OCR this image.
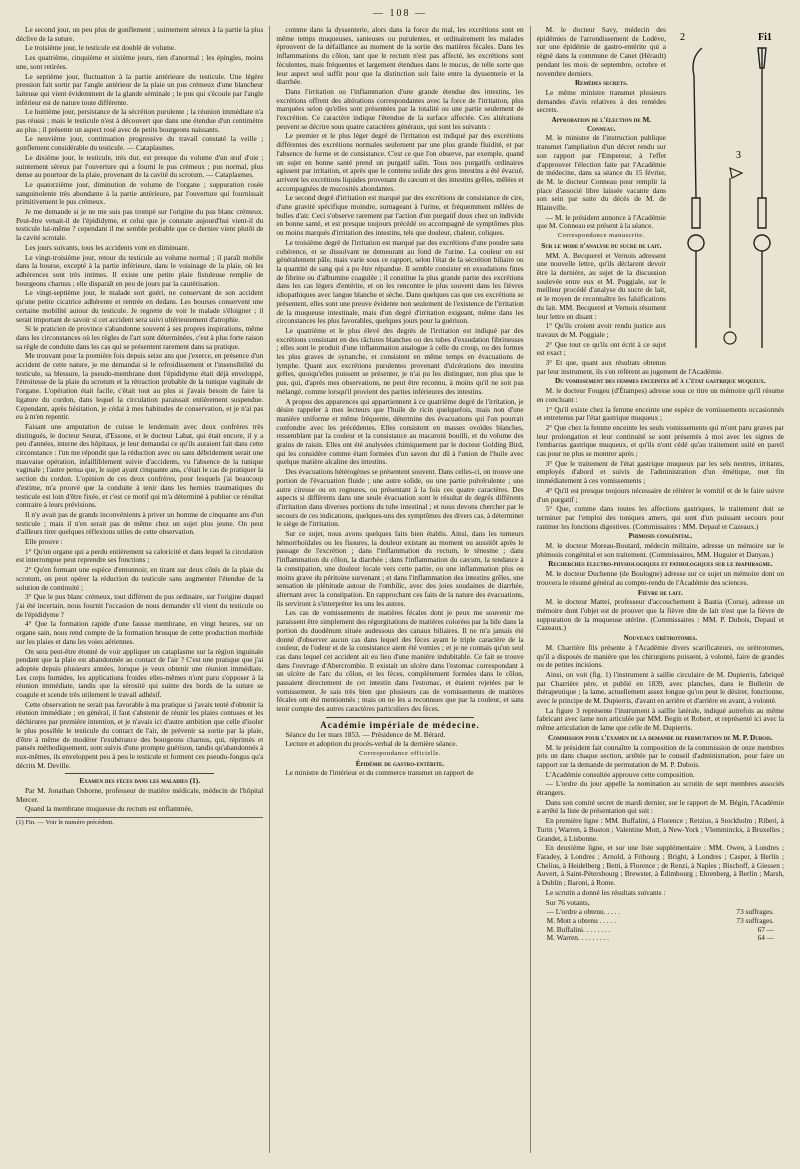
— 108 —

Le second jour, un peu plus de gonflement ; suintement séreux à la partie la plus déclive de la suture.

Le troisième jour, le testicule est doublé de volume.

Les quatrième, cinquième et sixième jours, rien d'anormal ; les épingles, moins une, sont retirées.

Le septième jour, fluctuation à la partie antérieure du testicule. Une légère pression fait sortir par l'angle antérieur de la plaie un pus crémeux d'une blancheur laiteuse qui vient évidemment de la glande séminale ; le pus qui s'écoule par l'angle inférieur est de nature toute différente.

Le huitième jour, persistance de la sécrétion purulente ; la réunion immédiate n'a pas réussi ; mais le testicule n'est à découvert que dans une étendue d'un centimètre au plus ; il présente un aspect rosé avec de petits bourgeons naissants.

Le neuvième jour, continuation progressive du travail constaté la veille ; gonflement considérable du testicule. — Cataplasmes.

Le dixième jour, le testicule, très dur, est presque du volume d'un œuf d'oie ; suintement séreux par l'ouverture qui a fourni le pus crémeux ; pus normal, plus dense au pourtour de la plaie, provenant de la cavité du scrotum. — Cataplasmes.

Le quatorzième jour, diminution de volume de l'organe ; suppuration rosée sanguinolente très abondante à la partie antérieure, par l'ouverture qui fournissait primitivement le pus crémeux.

Je me demande si je ne me suis pas trompé sur l'origine du pus blanc crémeux. Peut-être venait-il de l'épididyme, et celui que je constate aujourd'hui vient-il du testicule lui-même ? cependant il me semble probable que ce dernier vient plutôt de la cavité scrotale.

Les jours suivants, tous les accidents vont en diminuant.

Le vingt-troisième jour, retour du testicule au volume normal ; il paraît mobile dans la bourse, excepté à la partie inférieure, dans le voisinage de la plaie, où les adhérences sont très intimes. Il existe une petite plaie fistuleuse remplie de bourgeons charnus ; elle disparaît en peu de jours par la cautérisation.

Le vingt-septième jour, le malade sort guéri, ne conservant de son accident qu'une petite cicatrice adhérente et rentrée en dedans. Les bourses conservent une certaine mobilité autour du testicule. Je regrette de voir le malade s'éloigner ; il serait important de savoir si cet accident sera suivi ultérieurement d'atrophie.

Si le praticien de province s'abandonne souvent à ses propres inspirations, même dans les circonstances où les règles de l'art sont déterminées, c'est à plus forte raison sa règle de conduite dans les cas qui se présentent rarement dans sa pratique.

Me trouvant pour la première fois depuis seize ans que j'exerce, en présence d'un accident de cette nature, je me demandai si le refroidissement et l'insensibilité du testicule, sa blessure, la pseudo-membrane dont l'épididyme était déjà enveloppé, l'étroitesse de la plaie du scrotum et la rétraction probable de la tunique vaginale de l'organe. L'opération était facile, c'était tout au plus si j'avais besoin de faire la ligature du cordon, dans lequel la circulation paraissait entièrement suspendue. Cependant, après hésitation, je cédai à mes habitudes de conservation, et je n'ai pas eu à m'en repentir.

Faisant une amputation de cuisse le lendemain avec deux confrères très distingués, le docteur Seurat, d'Essone, et le docteur Labat, qui était encore, il y a peu d'années, interne des hôpitaux, je leur demandai ce qu'ils auraient fait dans cette circonstance : l'un me répondit que la réduction avec ou sans débridement serait une mauvaise opération, infailliblement suivie d'accidents, vu l'absence de la tunique vaginale ; l'autre pensa que, le sujet ayant cinquante ans, c'était le cas de pratiquer la section du cordon. L'opinion de ces deux confrères, pour lesquels j'ai beaucoup d'estime, m'a prouvé que la conduite à tenir dans les hernies traumatiques du testicule est loin d'être fixée, et c'est ce motif qui m'a déterminé à publier ce résultat contraire à leurs prévisions.

Il n'y avait pas de grands inconvénients à priver un homme de cinquante ans d'un testicule ; mais il n'en serait pas de même chez un sujet plus jeune. On peut d'ailleurs tirer quelques réflexions utiles de cette observation.

Elle prouve :

1° Qu'un organe qui a perdu entièrement sa caloricité et dans lequel la circulation est interrompue peut reprendre ses fonctions ;

2° Qu'en formant une espèce d'entonnoir, en tirant sur deux côtés de la plaie du scrotum, on peut opérer la réduction du testicule sans augmenter l'étendue de la solution de continuité ;

3° Que le pus blanc crémeux, tout différent du pus ordinaire, sur l'origine duquel j'ai été incertain, nous fournit l'occasion de nous demander s'il vient du testicule ou de l'épididyme ?

4° Que la formation rapide d'une fausse membrane, en vingt heures, sur un organe sain, nous rend compte de la formation brusque de cette production morbide sur les plaies et dans les voies aériennes.

On sera peut-être étonné de voir appliquer un cataplasme sur la région inguinale pendant que la plaie est abandonnée au contact de l'air ? C'est une pratique que j'ai adoptée depuis plusieurs années, lorsque je veux obtenir une réunion immédiate. Les corps humides, les applications froides elles-mêmes n'ont paru s'opposer à la réunion immédiate, tandis que la sérosité qui suinte des bords de la suture se coagule et scende très utilement le travail adhésif.

Cette observation ne serait pas favorable à ma pratique si j'avais tenté d'obtenir la réunion immédiate ; en général, il faut s'abstenir de réunir les plaies contuses et les déchirures par première intention, et je n'avais ici d'autre ambition que celle d'isoler le plus possible le testicule du contact de l'air, de prévenir sa sortie par la plaie, d'être à même de modérer l'exubérance des bourgeons charnus, qui, réprimés et pansés méthodiquement, sont suivis d'une prompte guérison, tandis qu'abandonnés à eux-mêmes, ils enveloppent peu à peu le testicule et forment ces pseudo-fongus qu'a décrits M. Deville.

Examen des fèces dans les maladies (1).

Par M. Jonathan Osborne, professeur de matière médicale, médecin de l'hôpital Mercer.

Quand la membrane muqueuse du rectum est enflammée,

(1) Fin. — Voir le numéro précédent.

comme dans la dyssenterie, alors dans la force du mal, les excrétions sont en même temps muqueuses, sanieuses ou purulentes, et ordinairement les malades éprouvent de la défaillance au moment de la sortie des matières fécales. Dans les inflammations du côlon, tant que le rectum n'est pas affecté, les excrétions sont féculentes, mais fréquentes et largement étendues dans le mucus, de telle sorte que leur aspect seul suffit pour que la distinction soit faite entre la dyssenterie et la diarrhée.

Dans l'irritation ou l'inflammation d'une grande étendue des intestins, les excrétions offrent des altérations correspondantes avec la force de l'irritation, plus marquées selon qu'elles sont présentées par la totalité ou une partie seulement de l'excrétion. Ce caractère indique l'étendue de la surface affectée. Ces altérations peuvent se décrire sous quatre caractères généraux, qui sont les suivants :

Le premier et le plus léger degré de l'irritation est indiqué par des excrétions différentes des excrétions normales seulement par une plus grande fluidité, et par l'absence de forme et de consistance. C'est ce que l'on observe, par exemple, quand un sujet en bonne santé prend un purgatif salin. Tous nos purgatifs ordinaires agissent par irritation, et après que le contenu solide des gros intestins a été évacué, arrivent les excrétions liquides provenant du cæcum et des intestins grêles, mêlées et accompagnées de mucosités abondantes.

Le second degré d'irritation est marqué par des excrétions de consistance de cire, d'une gravité spécifique moindre, surnageant à l'urine, et fréquemment mêlées de bulles d'air. Ceci s'observe rarement par l'action d'un purgatif doux chez un individu en bonne santé, et est presque toujours précédé ou accompagné de symptômes plus ou moins marqués d'irritation des intestins, tels que douleur, chaleur, coliques.

Le troisième degré de l'irritation est marqué par des excrétions d'une poudre sans cohérence, et se dissolvant ne demeurant au fond de l'urine. La couleur en est généralement pâle, mais varie sous ce rapport, selon l'état de la sécrétion biliaire ou la quantité de sang qui a pu être répandue. Il semble consister en exsudations fines de fibrine ou d'albumine coagulée ; il constitue la plus grande partie des excrétions dans les cas légers d'entérite, et on les rencontre le plus souvent dans les fièvres idiopathiques avec langue blanche et sèche. Dans quelques cas que ces excrétions se présentent, elles sont une preuve évidente non seulement de l'existence de l'irritation de la muqueuse intestinale, mais d'un degré d'irritation exigeant, même dans les circonstances les plus favorables, quelques jours pour la guérison.

Le quatrième et le plus élevé des degrés de l'irritation est indiqué par des excrétions consistant en des râclures blanches ou des tubes d'exsudation fibrineuses ; elles sont le produit d'une inflammation analogue à celle du croup, ou des formes les plus graves de synanche, et consistent en même temps en évacuations de lymphe. Quant aux excrétions purulentes provenant d'ulcérations des intestins grêles, quoiqu'elles puissent se présenter, je n'ai pu les distinguer, non plus que le pus, qui, d'après mes observations, ne peut être reconnu, à moins qu'il ne soit pas mélangé, comme lorsqu'il provient des parties inférieures des intestins.

A propos des apparences qui appartiennent à ce quatrième degré de l'irritation, je désire rappeler à mes lecteurs que l'huile de ricin quelquefois, mais non d'une manière uniforme et même fréquente, détermine des évacuations qui l'on pourrait confondre avec les précédentes. Elles consistent en masses ovoïdes blanches, ressemblant par la couleur et la consistance au macaroni bouilli, et du volume des grains de raisin. Elles ont été analysées chimiquement par le docteur Golding Bird, qui les considère comme étant formées d'un savon dur dû à l'union de l'huile avec quelque matière alcaline des intestins.

Des évacuations hétérogènes se présentent souvent. Dans celles-ci, on trouve une portion de l'évacuation fluide ; une autre solide, ou une partie pulvérulente ; une autre cireuse ou en rognures, ou présentant à la fois ces quatre caractères. Des aspects si différents dans une seule évacuation sont le résultat de degrés différents d'irritation dans diverses portions du tube intestinal ; et nous devons chercher par le secours de ces indications, quelques-uns des symptômes des divers cas, à déterminer le siège de l'irritation.

Sur ce sujet, nous avons quelques faits bien établis. Ainsi, dans les tumeurs hémorrhoïdales ou les fissures, la douleur existant au moment ou aussitôt après le passage de l'excrétion ; dans l'inflammation du rectum, le ténesme ; dans l'inflammation du côlon, la diarrhée ; dans l'inflammation du cæcum, la tendance à la constipation, une douleur locale vers cette partie, ou une inflammation plus ou moins grave du péritoine survenant ; et dans l'inflammation des intestins grêles, une sensation de plénitude autour de l'ombilic, avec des joies soudaines de diarrhée, alternant avec la constipation. En rapprochant ces faits de la nature des évacuations, ils serviront à s'interpréter les uns les autres.

Les cas de vomissements de matières fécales dont je peux me souvenir me paraissent être simplement des régurgitations de matières colorées par la bile dans la portion du duodénum située audessous des canaux biliaires. Il ne m'a jamais été donné d'observer aucun cas dans lequel des fèces ayant le triple caractère de la couleur, de l'odeur et de la consistance aient été vomies ; et je ne connais qu'un seul cas dans lequel cet accident ait eu lieu d'une manière indubitable. Ce fait se trouve dans l'ouvrage d'Abercrombie. Il existait un ulcère dans l'estomac correspondant à un ulcère de l'arc du côlon, et les fèces, complètement formées dans le côlon, passaient directement de cet intestin dans l'estomac, et étaient rejetées par le vomissement. Je sais très bien que plusieurs cas de vomissements de matières fécales ont été mentionnés ; mais on ne les a reconnues que par la couleur, et sans tenir compte des autres caractères particuliers des fèces.

Académie impériale de médecine.

Séance du 1er mars 1853. — Présidence de M. Bérard.

Lecture et adoption du procès-verbal de la dernière séance.

Correspondance officielle.

Épidémie de gastro-entérite.

Le ministre de l'intérieur et du commerce transmet un rapport de

2	Fi1
3

M. le docteur Savy, médecin des épidémies de l'arrondissement de Lodève, sur une épidémie de gastro-entérite qui a régné dans la commune de Canet (Hérault) pendant les mois de septembre, octobre et novembre derniers.

Remèdes secrets.

Le même ministre transmet plusieurs demandes d'avis relatives à des remèdes secrets.

Approbation de l'élection de M. Conneau.

M. le ministre de l'instruction publique transmet l'ampliation d'un décret rendu sur son rapport par l'Empereur, à l'effet d'approuver l'élection faite par l'Académie de médecine, dans sa séance du 15 février, de M. le docteur Conneau pour remplir la place d'associé libre laissée vacante dans son sein par suite du décès de M. de Blainville.

— M. le président annonce à l'Académie que M. Conneau est présent à la séance.

Correspondance manuscrite.

Sur le mode d'analyse du sucre de lait.

MM. A. Becquerel et Vernois adressent une nouvelle lettre, qu'ils déclarent devoir être la dernière, au sujet de la discussion soulevée entre eux et M. Poggiale, sur le meilleur procédé d'analyse du sucre de lait, et le moyen de reconnaître les falsifications du lait. MM. Becquerel et Vernois résument leur lettre en disant :

1° Qu'ils croient avoir rendu justice aux travaux de M. Poggiale ;

2° Que tout ce qu'ils ont écrit à ce sujet est exact ;

3° Et que, quant aux résultats obtenus par leur instrument, ils s'en réfèrent au jugement de l'Académie.

Du vomissement des femmes enceintes dû à l'état gastrique muqueux.

M. le docteur Fougeu (d'Étampes) adresse sous ce titre un mémoire qu'il résume en concluant :

1° Qu'il existe chez la femme enceinte une espèce de vomissements occasionnés et entretenus par l'état gastrique muqueux ;

2° Que chez la femme enceinte les seuls vomissements qui m'ont paru graves par leur prolongation et leur continuité se sont présentés à moi avec les signes de l'embarras gastrique muqueux, et qu'ils n'ont cédé qu'au traitement usité en pareil cas pour ne plus se montrer après ;

3° Que le traitement de l'état gastrique muqueux par les sels neutres, irritants, employés d'abord et suivis de l'administration d'un émétique, met fin immédiatement à ces vomissements ;

4° Qu'il est presque toujours nécessaire de réitérer le vomitif et de le faire suivre d'un purgatif ;

5° Que, comme dans toutes les affections gastriques, le traitement doit se terminer par l'emploi des toniques amers, qui sont d'un puissant secours pour ranimer les fonctions digestives. (Commissaires : MM. Depaul et Cazeaux.)

Phimosis congénital.

M. le docteur Moreau-Boutard, médecin militaire, adresse un mémoire sur le phimosis congénital et son traitement. (Commissaires, MM. Huguier et Danyau.)

Recherches électro-physiologiques et pathologiques sur le diaphragme.

M. le docteur Duchenne (de Boulogne) adresse sur ce sujet un mémoire dont on trouvera le résumé général au compte-rendu de l'Académie des sciences.

Fièvre de lait.

M. le docteur Mattei, professeur d'accouchement à Bastia (Corse), adresse un mémoire dont l'objet est de prouver que la fièvre dite de lait n'est que la fièvre de suppuration de la muqueuse utérine. (Commissaires : MM. P. Dubois, Depaul et Cazeaux.)

Nouveaux urétrotomes.

M. Charrière fils présente à l'Académie divers scarificateurs, ou urétrotomes, qu'il a disposés de manière que les chirurgiens puissent, à volonté, faire de grandes ou de petites incisions.

Ainsi, on voit (fig. 1) l'instrument à saillie circulaire de M. Dupierris, fabriqué par Charrière père, et publié en 1839, avec planches, dans le Bulletin de thérapeutique ; la lame, actuellement assez longue qu'on peut le désirer, fonctionne, avec le principe de M. Dupierris, d'avant en arrière et d'arrière en avant, à volonté.

La figure 3 représente l'instrument à saillie latérale, indiqué autrefois au même fabricant avec lame non articulée par MM. Begin et Robert, et représenté ici avec la même articulation de lame que celle de M. Dupierris.

Commission pour l'examen de la demande de permutation de M. P. Dubois.

M. le président fait connaître la composition de la commission de onze membres pris un dans chaque section, arrêtée par le conseil d'administration, pour faire un rapport sur la demande de permutation de M. P. Dubois.

L'Académie consultée approuve cette composition.

— L'ordre du jour appelle la nomination au scrutin de sept membres associés étrangers.

Dans son comité secret de mardi dernier, sur le rapport de M. Bégin, l'Académie a arrêté la liste de présentation qui suit :

En première ligne : MM. Buffalini, à Florence ; Retzius, à Stockholm ; Riberi, à Turin ; Warren, à Boston ; Valentine Mott, à New-York ; Vlemminckx, à Bruxelles ; Grandet, à Lisbonne.

En deuxième ligne, et sur une liste supplémentaire : MM. Owen, à Londres ; Faradey, à Londres ; Arnold, à Fribourg ; Bright, à Londres ; Casper, à Berlin ; Chelius, à Heidelberg ; Betti, à Florence ; de Renzi, à Naples ; Bischoff, à Giessen ; Auvert, à Saint-Pétersbourg ; Brewster, à Édimbourg ; Ehrenberg, à Berlin ; Marsh, à Dublin ; Baroni, à Rome.

Le scrutin a donné les résultats suivants :

Sur 76 votants,

— L'ordre a obtenu. . . . .	73 suffrages.
M. Mott a obtenu . . . . .	73 suffrages.
M. Buffalini. . . . . . . .	67 —
M. Warren. . . . . . . . .	64 —
